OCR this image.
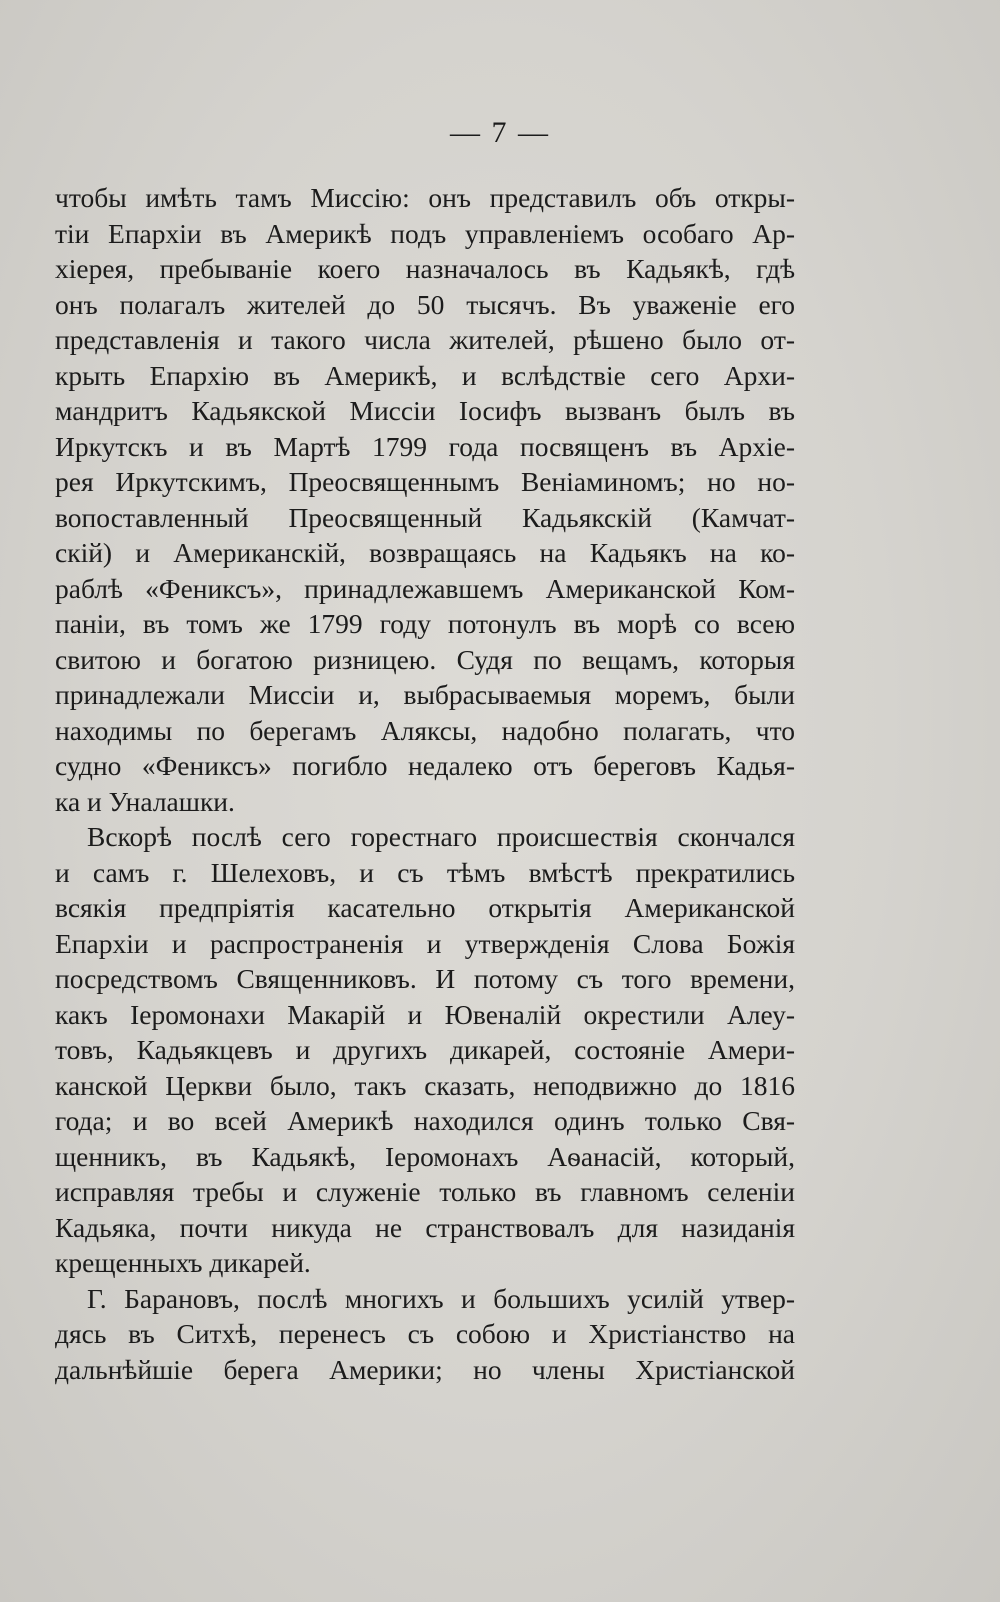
— 7 —
чтобы имѣть тамъ Миссію: онъ представилъ объ откры-
тіи Епархіи въ Америкѣ подъ управленіемъ особаго Ар-
хіерея, пребываніе коего назначалось въ Кадьякѣ, гдѣ
онъ полагалъ жителей до 50 тысячъ. Въ уваженіе его
представленія и такого числа жителей, рѣшено было от-
крыть Епархію въ Америкѣ, и вслѣдствіе сего Архи-
мандритъ Кадьякской Миссіи Іосифъ вызванъ былъ въ
Иркутскъ и въ Мартѣ 1799 года посвященъ въ Архіе-
рея Иркутскимъ, Преосвященнымъ Веніаминомъ; но но-
вопоставленный Преосвященный Кадьякскій (Камчат-
скій) и Американскій, возвращаясь на Кадьякъ на ко-
раблѣ «Фениксъ», принадлежавшемъ Американской Ком-
паніи, въ томъ же 1799 году потонулъ въ морѣ со всею
свитою и богатою ризницею. Судя по вещамъ, которыя
принадлежали Миссіи и, выбрасываемыя моремъ, были
находимы по берегамъ Аляксы, надобно полагать, что
судно «Фениксъ» погибло недалеко отъ береговъ Кадья-
ка и Уналашки.
Вскорѣ послѣ сего горестнаго происшествія скончался
и самъ г. Шелеховъ, и съ тѣмъ вмѣстѣ прекратились
всякія предпріятія касательно открытія Американской
Епархіи и распространенія и утвержденія Слова Божія
посредствомъ Священниковъ. И потому съ того времени,
какъ Іеромонахи Макарій и Ювеналій окрестили Алеу-
товъ, Кадьякцевъ и другихъ дикарей, состояніе Амери-
канской Церкви было, такъ сказать, неподвижно до 1816
года; и во всей Америкѣ находился одинъ только Свя-
щенникъ, въ Кадьякѣ, Іеромонахъ Аѳанасій, который,
исправляя требы и служеніе только въ главномъ селеніи
Кадьяка, почти никуда не странствовалъ для назиданія
крещенныхъ дикарей.
Г. Барановъ, послѣ многихъ и большихъ усилій утвер-
дясь въ Ситхѣ, перенесъ съ собою и Христіанство на
дальнѣйшіе берега Америки; но члены Христіанской
